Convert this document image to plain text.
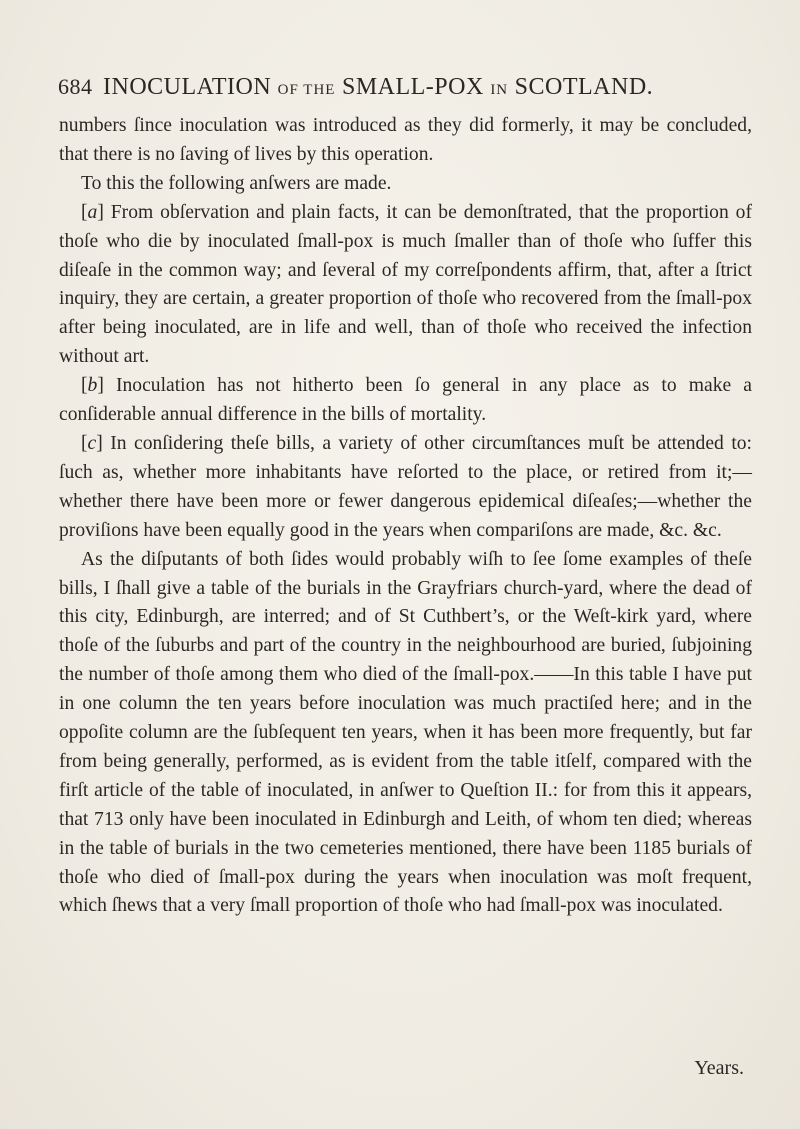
684 INOCULATION OF THE SMALL-POX IN SCOTLAND.

numbers ſince inoculation was introduced as they did formerly, it may be concluded, that there is no ſaving of lives by this operation.

To this the following anſwers are made.

[a] From obſervation and plain facts, it can be demonſtrated, that the proportion of thoſe who die by inoculated ſmall-pox is much ſmaller than of thoſe who ſuffer this diſeaſe in the common way; and ſeveral of my correſpondents affirm, that, after a ſtrict inquiry, they are certain, a greater proportion of thoſe who recovered from the ſmall-pox after being inoculated, are in life and well, than of thoſe who received the infection without art.

[b] Inoculation has not hitherto been ſo general in any place as to make a conſiderable annual difference in the bills of mortality.

[c] In conſidering theſe bills, a variety of other circumſtances muſt be attended to: ſuch as, whether more inhabitants have reſorted to the place, or retired from it;—whether there have been more or fewer dangerous epidemical diſeaſes;—whether the proviſions have been equally good in the years when compariſons are made, &c. &c.

As the diſputants of both ſides would probably wiſh to ſee ſome examples of theſe bills, I ſhall give a table of the burials in the Grayfriars church-yard, where the dead of this city, Edinburgh, are interred; and of St Cuthbert’s, or the Weſt-kirk yard, where thoſe of the ſuburbs and part of the country in the neighbourhood are buried, ſubjoining the number of thoſe among them who died of the ſmall-pox.——In this table I have put in one column the ten years before inoculation was much practiſed here; and in the oppoſite column are the ſubſequent ten years, when it has been more frequently, but far from being generally, performed, as is evident from the table itſelf, compared with the firſt article of the table of inoculated, in anſwer to Queſtion II.: for from this it appears, that 713 only have been inoculated in Edinburgh and Leith, of whom ten died; whereas in the table of burials in the two cemeteries mentioned, there have been 1185 burials of thoſe who died of ſmall-pox during the years when inoculation was moſt frequent, which ſhews that a very ſmall proportion of thoſe who had ſmall-pox was inoculated.

Years.
